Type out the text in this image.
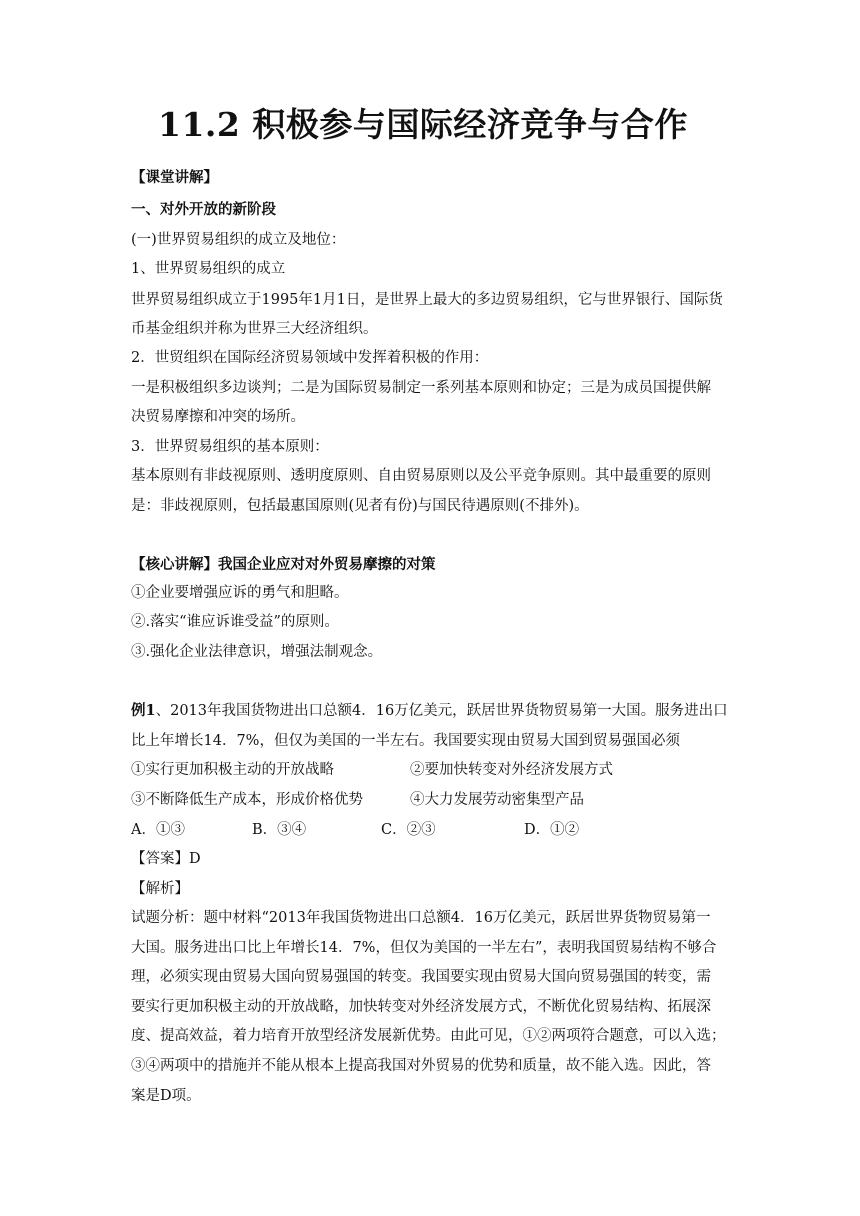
11.2 积极参与国际经济竞争与合作
【课堂讲解】
一、对外开放的新阶段
(一)世界贸易组织的成立及地位：
1、世界贸易组织的成立
世界贸易组织成立于1995年1月1日，是世界上最大的多边贸易组织，它与世界银行、国际货
币基金组织并称为世界三大经济组织。
2．世贸组织在国际经济贸易领域中发挥着积极的作用：
一是积极组织多边谈判；二是为国际贸易制定一系列基本原则和协定；三是为成员国提供解
决贸易摩擦和冲突的场所。
3．世界贸易组织的基本原则：
基本原则有非歧视原则、透明度原则、自由贸易原则以及公平竞争原则。其中最重要的原则
是：非歧视原则，包括最惠国原则(见者有份)与国民待遇原则(不排外)。
【核心讲解】我国企业应对对外贸易摩擦的对策
①企业要增强应诉的勇气和胆略。
②.落实“谁应诉谁受益”的原则。
③.强化企业法律意识，增强法制观念。
例1、2013年我国货物进出口总额4．16万亿美元，跃居世界货物贸易第一大国。服务进出口
比上年增长14．7%，但仅为美国的一半左右。我国要实现由贸易大国到贸易强国必须
①实行更加积极主动的开放战略	②要加快转变对外经济发展方式
③不断降低生产成本，形成价格优势	④大力发展劳动密集型产品
A．①③	B．③④	C．②③	D．①②
【答案】D
【解析】
试题分析：题中材料“2013年我国货物进出口总额4．16万亿美元，跃居世界货物贸易第一
大国。服务进出口比上年增长14．7%，但仅为美国的一半左右”，表明我国贸易结构不够合
理，必须实现由贸易大国向贸易强国的转变。我国要实现由贸易大国向贸易强国的转变，需
要实行更加积极主动的开放战略，加快转变对外经济发展方式，不断优化贸易结构、拓展深
度、提高效益，着力培育开放型经济发展新优势。由此可见，①②两项符合题意，可以入选；
③④两项中的措施并不能从根本上提高我国对外贸易的优势和质量，故不能入选。因此，答
案是D项。
